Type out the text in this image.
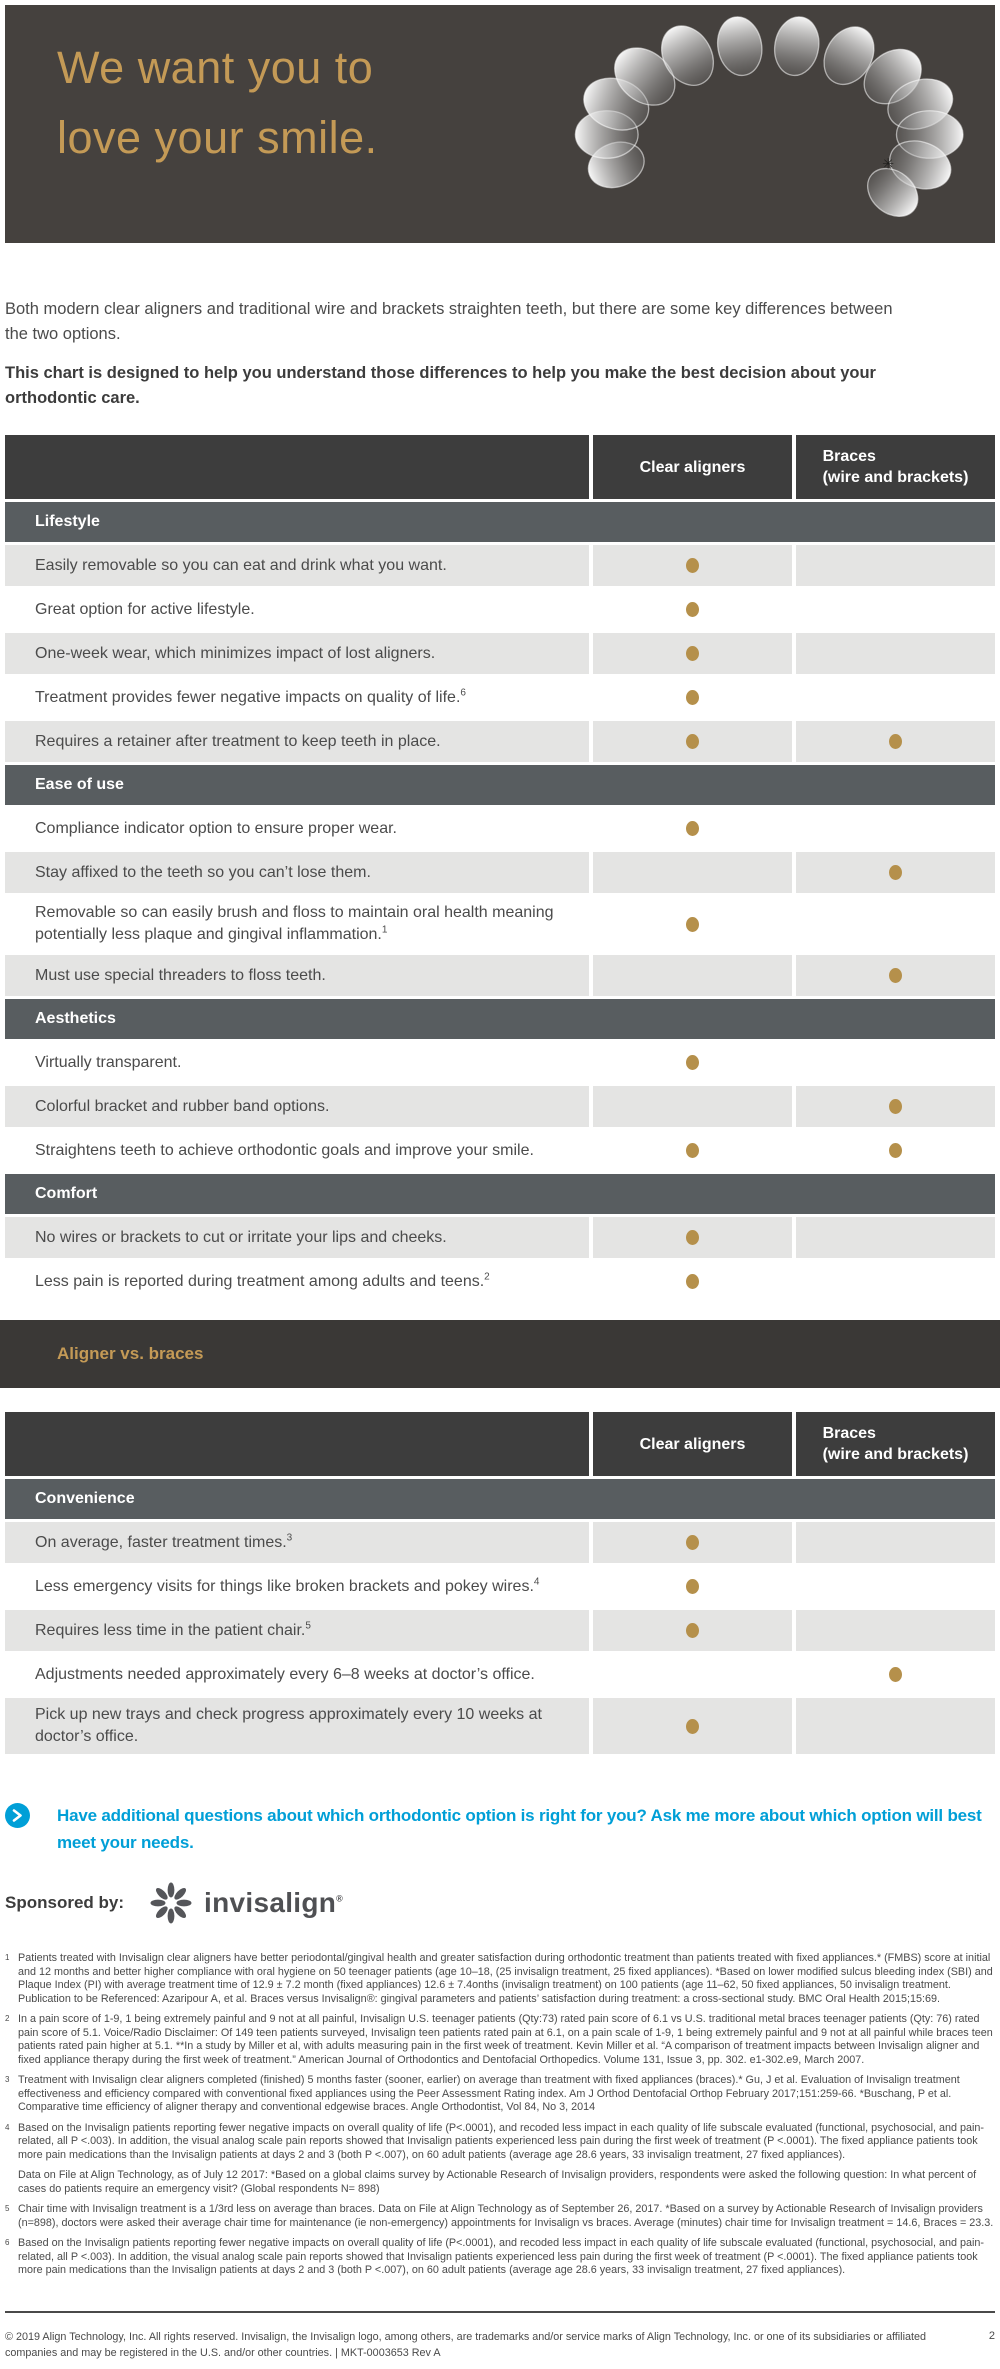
We want you to
love your smile.
✳

Both modern clear aligners and traditional wire and brackets straighten teeth, but there are some key differences between the two options.

This chart is designed to help you understand those differences to help you make the best decision about your orthodontic care.

Clear aligners
Braces
(wire and brackets)
Lifestyle
Easily removable so you can eat and drink what you want.
Great option for active lifestyle.
One-week wear, which minimizes impact of lost aligners.
Treatment provides fewer negative impacts on quality of life.$^6$
Requires a retainer after treatment to keep teeth in place.
Ease of use
Compliance indicator option to ensure proper wear.
Stay affixed to the teeth so you can’t lose them.
Removable so can easily brush and floss to maintain oral health meaning potentially less plaque and gingival inflammation.$^1$
Must use special threaders to floss teeth.
Aesthetics
Virtually transparent.
Colorful bracket and rubber band options.
Straightens teeth to achieve orthodontic goals and improve your smile.
Comfort
No wires or brackets to cut or irritate your lips and cheeks.
Less pain is reported during treatment among adults and teens.$^2$
Aligner vs. braces
Clear aligners
Braces
(wire and brackets)
Convenience
On average, faster treatment times.$^3$
Less emergency visits for things like broken brackets and pokey wires.$^4$
Requires less time in the patient chair.$^5$
Adjustments needed approximately every 6–8 weeks at doctor’s office.
Pick up new trays and check progress approximately every 10 weeks at doctor’s office.
Have additional questions about which orthodontic option is right for you? Ask me more about which option will best meet your needs.
Sponsored by:	invisalign®
1 Patients treated with Invisalign clear aligners have better periodontal/gingival health and greater satisfaction during orthodontic treatment than patients treated with fixed appliances.* (FMBS) score at initial and 12 months and better higher compliance with oral hygiene on 50 teenager patients (age 10–18, (25 invisalign treatment, 25 fixed appliances). *Based on lower modified sulcus bleeding index (SBI) and Plaque Index (PI) with average treatment time of 12.9 ± 7.2 month (fixed appliances) 12.6 ± 7.4onths (invisalign treatment) on 100 patients (age 11–62, 50 fixed appliances, 50 invisalign treatment. Publication to be Referenced: Azaripour A, et al. Braces versus Invisalign®: gingival parameters and patients’ satisfaction during treatment: a cross-sectional study. BMC Oral Health 2015;15:69.

2 In a pain score of 1-9, 1 being extremely painful and 9 not at all painful, Invisalign U.S. teenager patients (Qty:73) rated pain score of 6.1 vs U.S. traditional metal braces teenager patients (Qty: 76) rated pain score of 5.1. Voice/Radio Disclaimer: Of 149 teen patients surveyed, Invisalign teen patients rated pain at 6.1, on a pain scale of 1-9, 1 being extremely painful and 9 not at all painful while braces teen patients rated pain higher at 5.1. **In a study by Miller et al, with adults measuring pain in the first week of treatment. Kevin Miller et al. “A comparison of treatment impacts between Invisalign aligner and fixed appliance therapy during the first week of treatment.” American Journal of Orthodontics and Dentofacial Orthopedics. Volume 131, Issue 3, pp. 302. e1-302.e9, March 2007.

3 Treatment with Invisalign clear aligners completed (finished) 5 months faster (sooner, earlier) on average than treatment with fixed appliances (braces).* Gu, J et al. Evaluation of Invisalign treatment effectiveness and efficiency compared with conventional fixed appliances using the Peer Assessment Rating index. Am J Orthod Dentofacial Orthop February 2017;151:259-66. *Buschang, P et al. Comparative time efficiency of aligner therapy and conventional edgewise braces. Angle Orthodontist, Vol 84, No 3, 2014

4 Based on the Invisalign patients reporting fewer negative impacts on overall quality of life (P<.0001), and recoded less impact in each quality of life subscale evaluated (functional, psychosocial, and pain-related, all P <.003). In addition, the visual analog scale pain reports showed that Invisalign patients experienced less pain during the first week of treatment (P <.0001). The fixed appliance patients took more pain medications than the Invisalign patients at days 2 and 3 (both P <.007), on 60 adult patients (average age 28.6 years, 33 invisalign treatment, 27 fixed appliances).

Data on File at Align Technology, as of July 12 2017: *Based on a global claims survey by Actionable Research of Invisalign providers, respondents were asked the following question: In what percent of cases do patients require an emergency visit? (Global respondents N= 898)

5 Chair time with Invisalign treatment is a 1/3rd less on average than braces. Data on File at Align Technology as of September 26, 2017. *Based on a survey by Actionable Research of Invisalign providers (n=898), doctors were asked their average chair time for maintenance (ie non-emergency) appointments for Invisalign vs braces. Average (minutes) chair time for Invisalign treatment = 14.6, Braces = 23.3.

6 Based on the Invisalign patients reporting fewer negative impacts on overall quality of life (P<.0001), and recoded less impact in each quality of life subscale evaluated (functional, psychosocial, and pain-related, all P <.003). In addition, the visual analog scale pain reports showed that Invisalign patients experienced less pain during the first week of treatment (P <.0001). The fixed appliance patients took more pain medications than the Invisalign patients at days 2 and 3 (both P <.007), on 60 adult patients (average age 28.6 years, 33 invisalign treatment, 27 fixed appliances).

© 2019 Align Technology, Inc. All rights reserved. Invisalign, the Invisalign logo, among others, are trademarks and/or service marks of Align Technology, Inc. or one of its subsidiaries or affiliated companies and may be registered in the U.S. and/or other countries. | MKT-0003653 Rev A
2
